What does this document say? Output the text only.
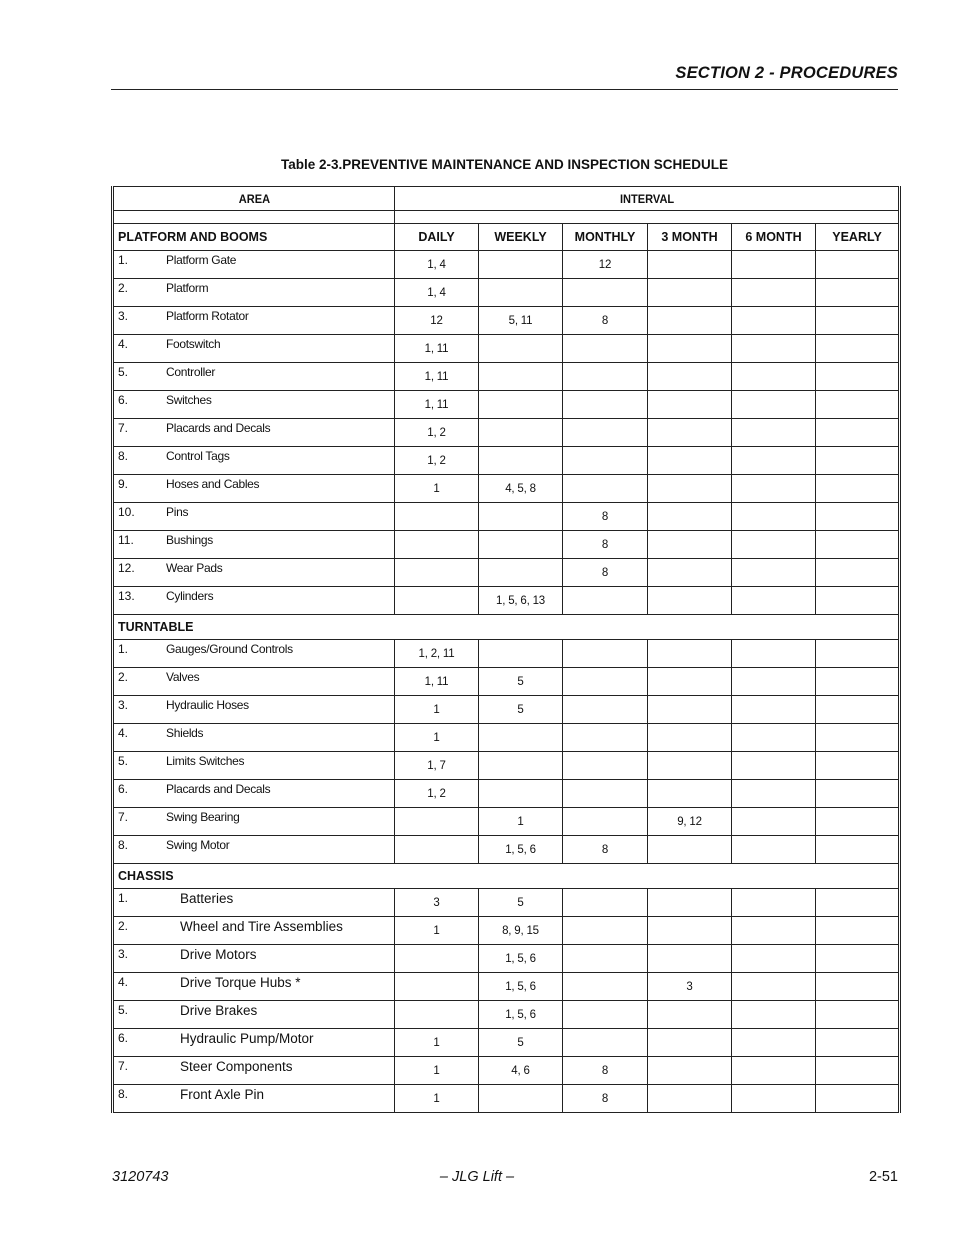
SECTION 2 - PROCEDURES
Table 2-3.PREVENTIVE MAINTENANCE AND INSPECTION SCHEDULE
AREA	INTERVAL					

PLATFORM AND BOOMS	DAILY	WEEKLY	MONTHLY	3 MONTH	6 MONTH	YEARLY

1. Platform Gate	1, 4		12			

2. Platform	1, 4					

3. Platform Rotator	12	5, 11	8			

4. Footswitch	1, 11					

5. Controller	1, 11					

6. Switches	1, 11					

7. Placards and Decals	1, 2					

8. Control Tags	1, 2					

9. Hoses and Cables	1	4, 5, 8				

10. Pins			8			

11. Bushings			8			

12. Wear Pads			8			

13. Cylinders		1, 5, 6, 13				

TURNTABLE						

1. Gauges/Ground Controls	1, 2, 11					

2. Valves	1, 11	5				

3. Hydraulic Hoses	1	5				

4. Shields	1					

5. Limits Switches	1, 7					

6. Placards and Decals	1, 2					

7. Swing Bearing		1		9, 12		

8. Swing Motor		1, 5, 6	8			

CHASSIS						

1. Batteries	3	5				

2. Wheel and Tire Assemblies	1	8, 9, 15				

3. Drive Motors		1, 5, 6				

4. Drive Torque Hubs *		1, 5, 6		3		

5. Drive Brakes		1, 5, 6				

6. Hydraulic Pump/Motor	1	5				

7. Steer Components	1	4, 6	8			

8. Front Axle Pin	1		8			

3120743	– JLG Lift –	2-51
